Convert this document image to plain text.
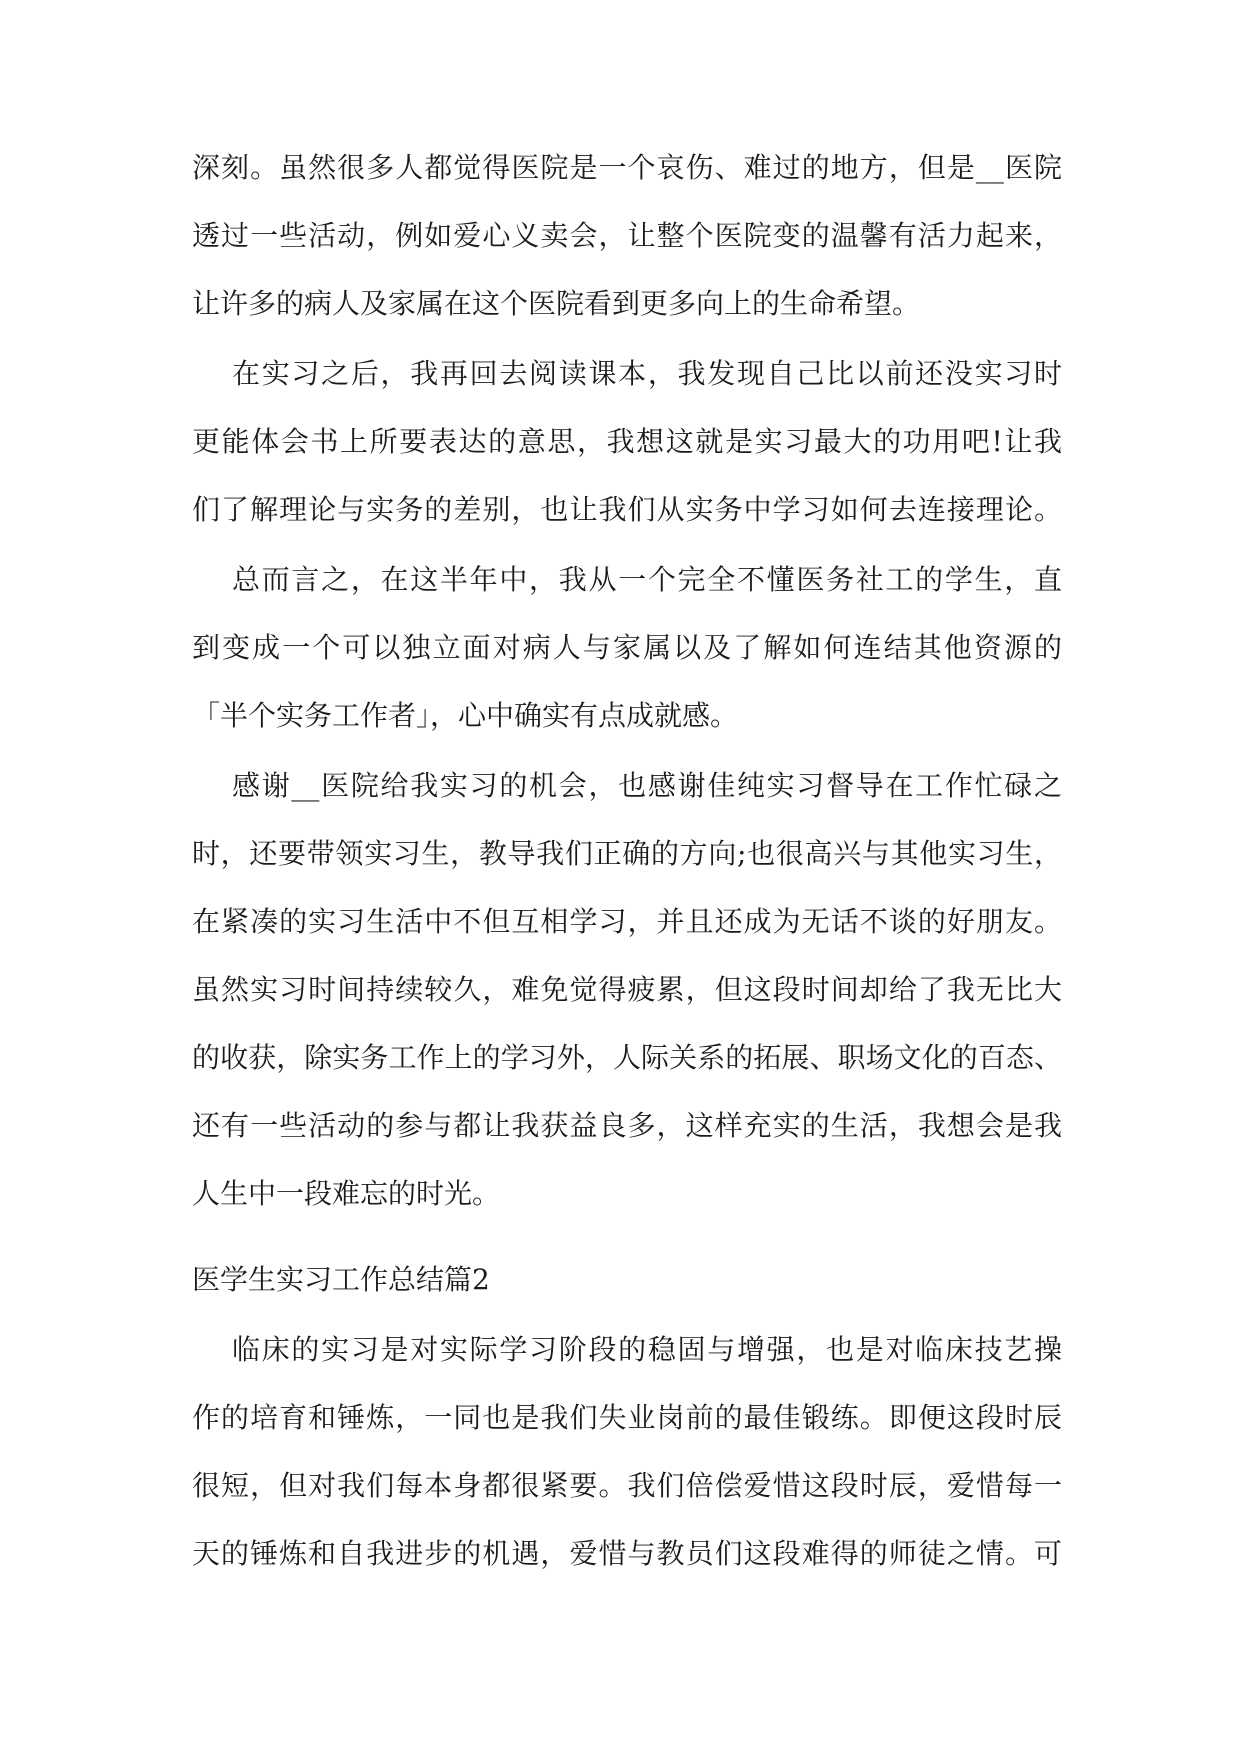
深刻。虽然很多人都觉得医院是一个哀伤、难过的地方，但是__医院
透过一些活动，例如爱心义卖会，让整个医院变的温馨有活力起来，
让许多的病人及家属在这个医院看到更多向上的生命希望。
在实习之后，我再回去阅读课本，我发现自己比以前还没实习时
更能体会书上所要表达的意思，我想这就是实习最大的功用吧!让我
们了解理论与实务的差别，也让我们从实务中学习如何去连接理论。
总而言之，在这半年中，我从一个完全不懂医务社工的学生，直
到变成一个可以独立面对病人与家属以及了解如何连结其他资源的
「半个实务工作者」，心中确实有点成就感。
感谢__医院给我实习的机会，也感谢佳纯实习督导在工作忙碌之
时，还要带领实习生，教导我们正确的方向;也很高兴与其他实习生，
在紧凑的实习生活中不但互相学习，并且还成为无话不谈的好朋友。
虽然实习时间持续较久，难免觉得疲累，但这段时间却给了我无比大
的收获，除实务工作上的学习外，人际关系的拓展、职场文化的百态、
还有一些活动的参与都让我获益良多，这样充实的生活，我想会是我
人生中一段难忘的时光。
医学生实习工作总结篇2
临床的实习是对实际学习阶段的稳固与增强，也是对临床技艺操
作的培育和锤炼，一同也是我们失业岗前的最佳锻练。即便这段时辰
很短，但对我们每本身都很紧要。我们倍偿爱惜这段时辰，爱惜每一
天的锤炼和自我进步的机遇，爱惜与教员们这段难得的师徒之情。可
